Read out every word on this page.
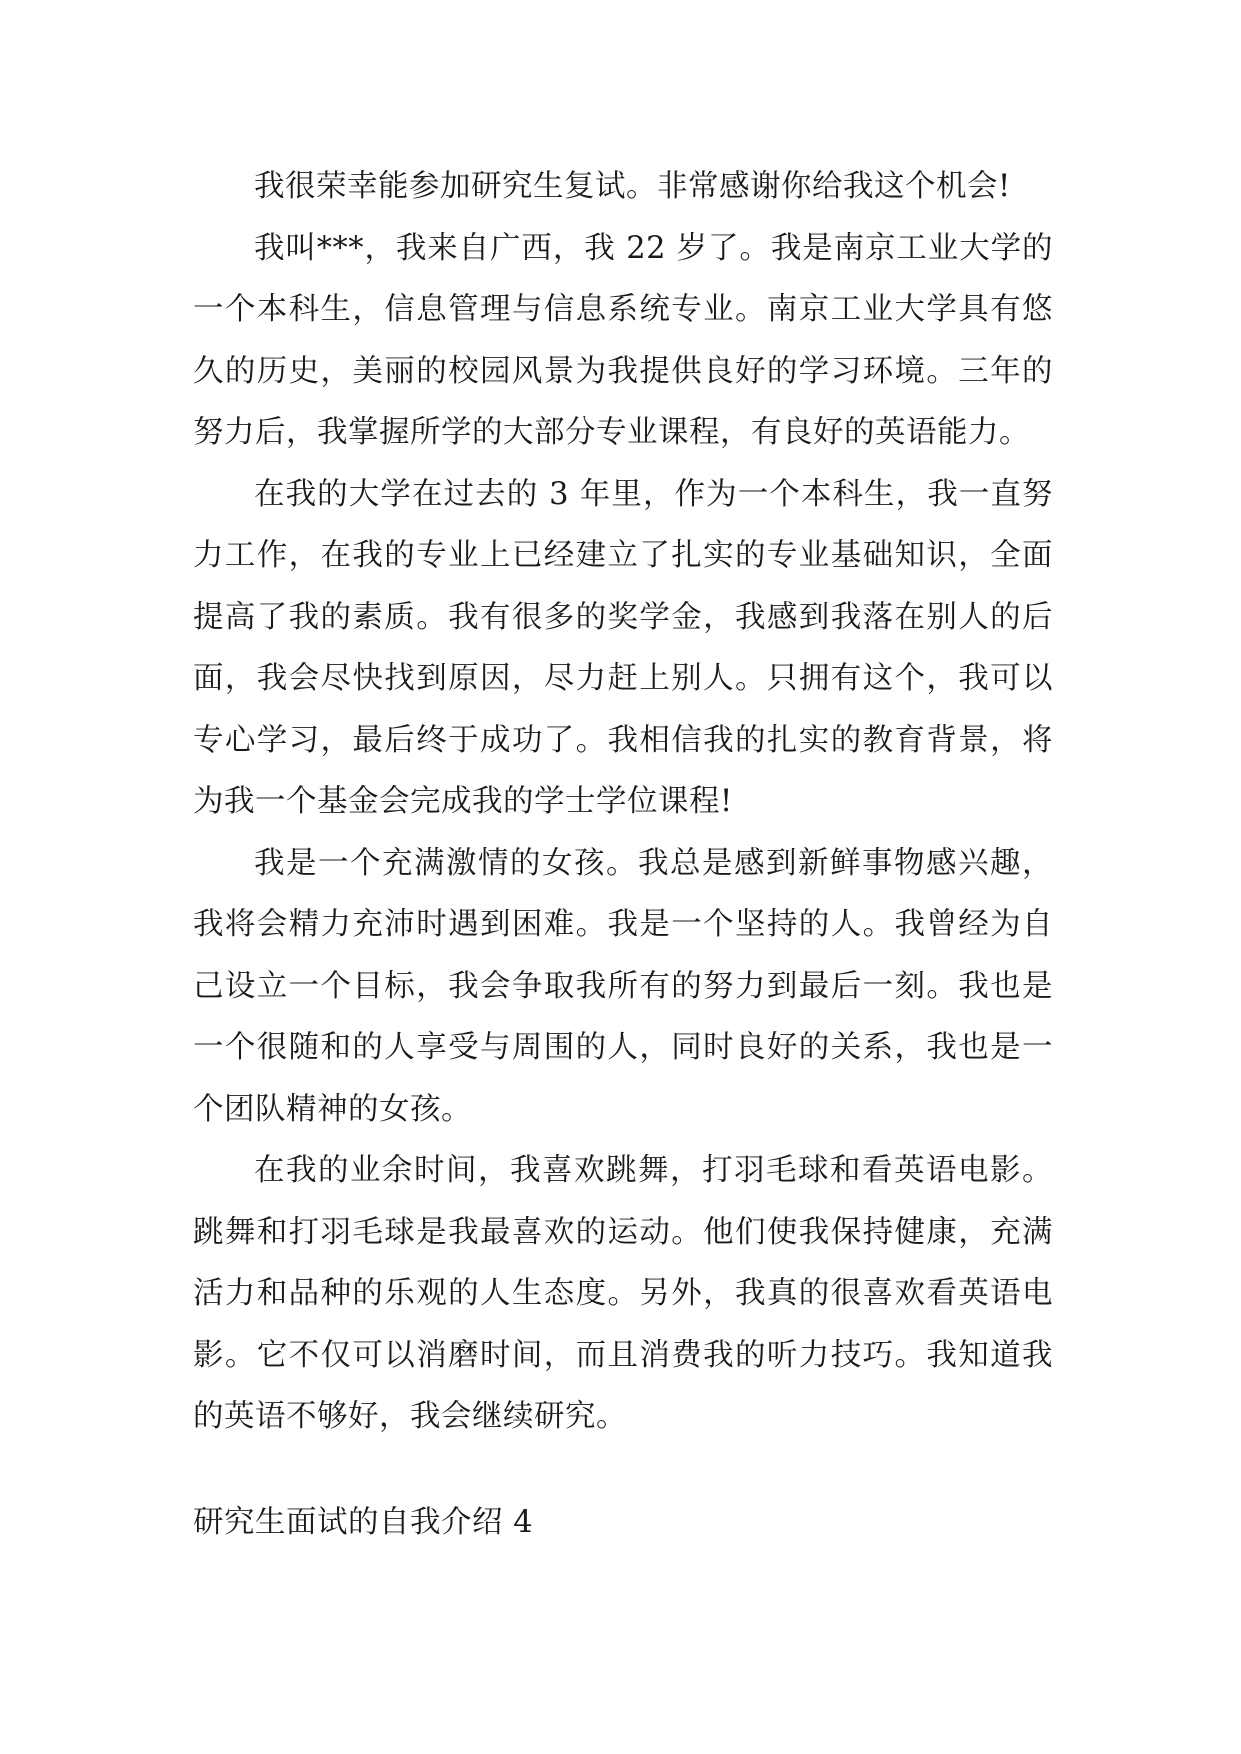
我很荣幸能参加研究生复试。非常感谢你给我这个机会!

我叫***，我来自广西，我 22 岁了。我是南京工业大学的一个本科生，信息管理与信息系统专业。南京工业大学具有悠久的历史，美丽的校园风景为我提供良好的学习环境。三年的努力后，我掌握所学的大部分专业课程，有良好的英语能力。

在我的大学在过去的 3 年里，作为一个本科生，我一直努力工作，在我的专业上已经建立了扎实的专业基础知识，全面提高了我的素质。我有很多的奖学金，我感到我落在别人的后面，我会尽快找到原因，尽力赶上别人。只拥有这个，我可以专心学习，最后终于成功了。我相信我的扎实的教育背景，将为我一个基金会完成我的学士学位课程!

我是一个充满激情的女孩。我总是感到新鲜事物感兴趣，我将会精力充沛时遇到困难。我是一个坚持的人。我曾经为自己设立一个目标，我会争取我所有的努力到最后一刻。我也是一个很随和的人享受与周围的人，同时良好的关系，我也是一个团队精神的女孩。

在我的业余时间，我喜欢跳舞，打羽毛球和看英语电影。跳舞和打羽毛球是我最喜欢的运动。他们使我保持健康，充满活力和品种的乐观的人生态度。另外，我真的很喜欢看英语电影。它不仅可以消磨时间，而且消费我的听力技巧。我知道我的英语不够好，我会继续研究。

研究生面试的自我介绍 4
